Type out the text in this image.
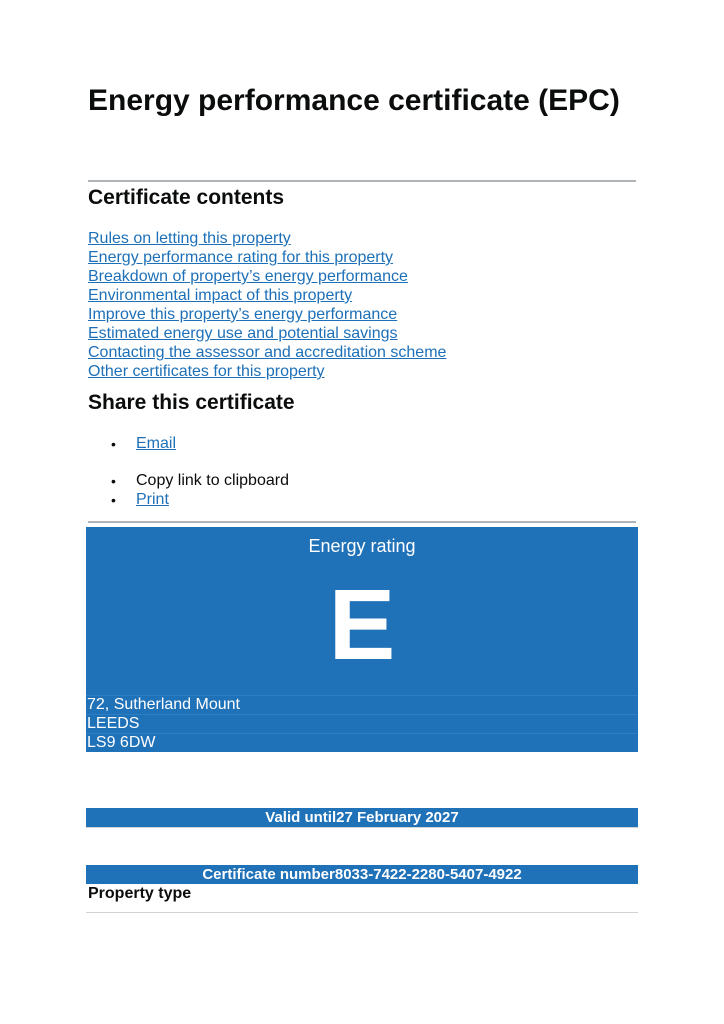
Energy performance certificate (EPC)
Certificate contents
Rules on letting this property
Energy performance rating for this property
Breakdown of property’s energy performance
Environmental impact of this property
Improve this property’s energy performance
Estimated energy use and potential savings
Contacting the assessor and accreditation scheme
Other certificates for this property
Share this certificate
• Email
• Copy link to clipboard
• Print
Energy rating
E
72, Sutherland Mount
LEEDS
LS9 6DW
Valid until27 February 2027
Certificate number8033-7422-2280-5407-4922
Property type
